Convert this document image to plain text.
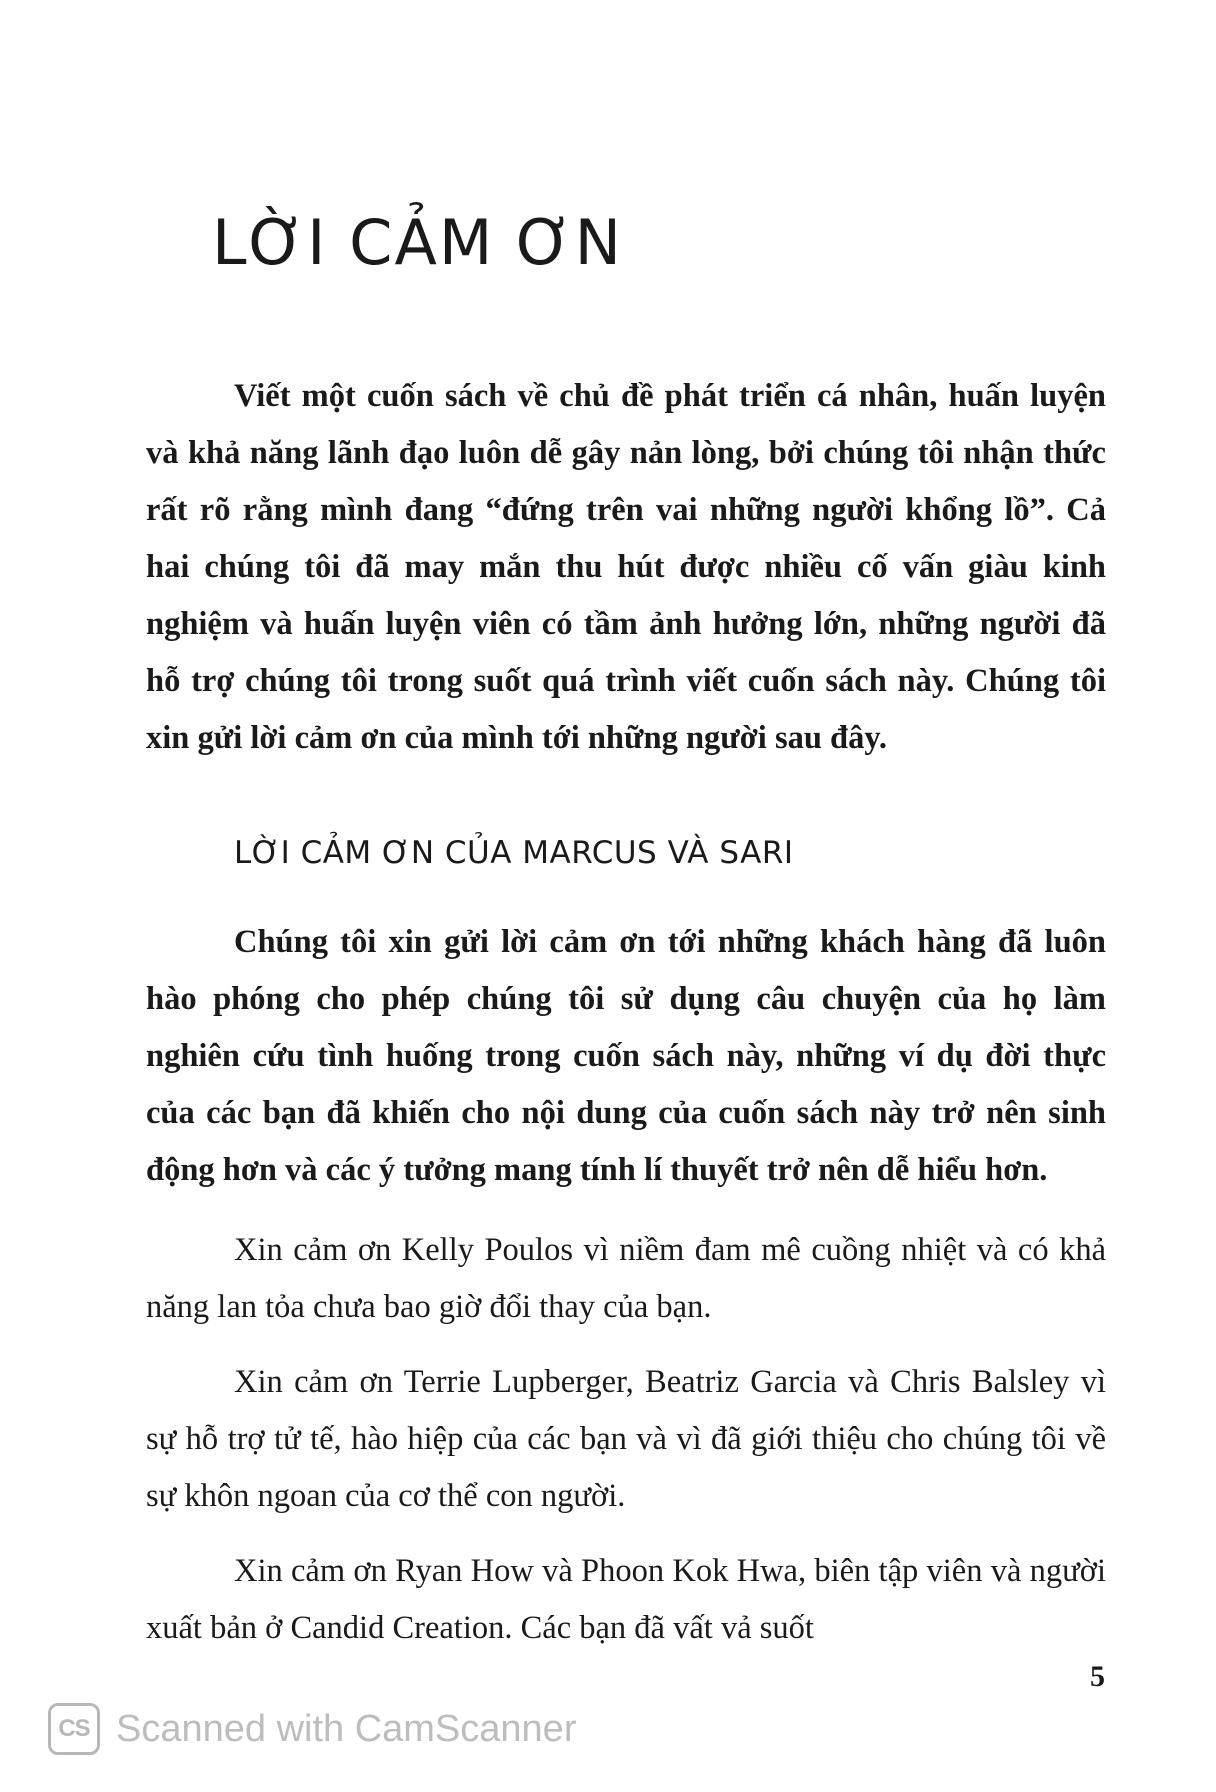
LỜI CẢM ƠN

Viết một cuốn sách về chủ đề phát triển cá nhân, huấn luyện và khả năng lãnh đạo luôn dễ gây nản lòng, bởi chúng tôi nhận thức rất rõ rằng mình đang “đứng trên vai những người khổng lồ”. Cả hai chúng tôi đã may mắn thu hút được nhiều cố vấn giàu kinh nghiệm và huấn luyện viên có tầm ảnh hưởng lớn, những người đã hỗ trợ chúng tôi trong suốt quá trình viết cuốn sách này. Chúng tôi xin gửi lời cảm ơn của mình tới những người sau đây.

LỜI CẢM ƠN CỦA MARCUS VÀ SARI

Chúng tôi xin gửi lời cảm ơn tới những khách hàng đã luôn hào phóng cho phép chúng tôi sử dụng câu chuyện của họ làm nghiên cứu tình huống trong cuốn sách này, những ví dụ đời thực của các bạn đã khiến cho nội dung của cuốn sách này trở nên sinh động hơn và các ý tưởng mang tính lí thuyết trở nên dễ hiểu hơn.

Xin cảm ơn Kelly Poulos vì niềm đam mê cuồng nhiệt và có khả năng lan tỏa chưa bao giờ đổi thay của bạn.

Xin cảm ơn Terrie Lupberger, Beatriz Garcia và Chris Balsley vì sự hỗ trợ tử tế, hào hiệp của các bạn và vì đã giới thiệu cho chúng tôi về sự khôn ngoan của cơ thể con người.

Xin cảm ơn Ryan How và Phoon Kok Hwa, biên tập viên và người xuất bản ở Candid Creation. Các bạn đã vất vả suốt

5
CS Scanned with CamScanner
